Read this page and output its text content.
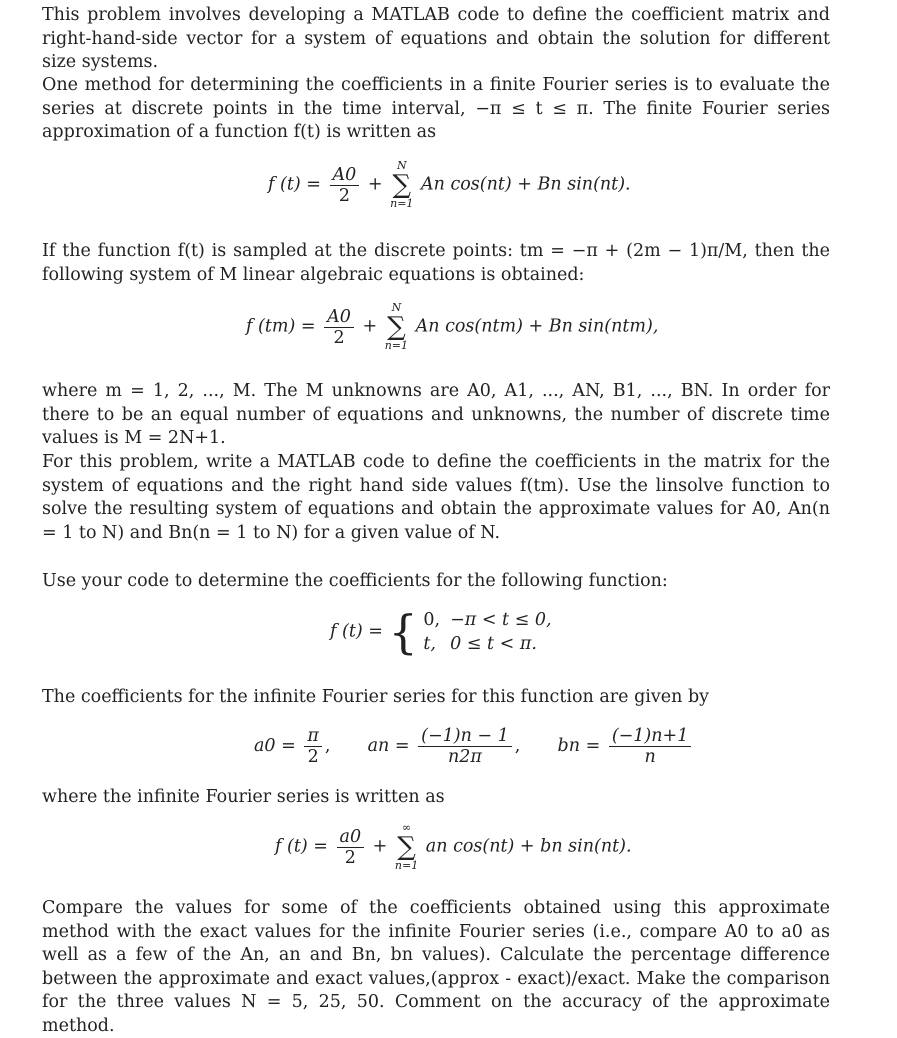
This problem involves developing a MATLAB code to define the coefficient matrix and right-hand-side vector for a system of equations and obtain the solution for different size systems.

One method for determining the coefficients in a finite Fourier series is to evaluate the series at discrete points in the time interval, −π ≤ t ≤ π. The finite Fourier series approximation of a function f(t) is written as

f $(t) = \frac{A0}{2}$ +
N
∑
n=1
An cos(nt) + Bn sin(nt).

If the function f(t) is sampled at the discrete points: tm = −π + (2m − 1)π/M, then the following system of M linear algebraic equations is obtained:

f $(tm) = \frac{A0}{2}$ +
N
∑
n=1
An cos(ntm) + Bn sin(ntm),

where m = 1, 2, ..., M. The M unknowns are A0, A1, ..., AN, B1, ..., BN. In order for there to be an equal number of equations and unknowns, the number of discrete time values is M = 2N+1.

For this problem, write a MATLAB code to define the coefficients in the matrix for the system of equations and the right hand side values f(tm). Use the linsolve function to solve the resulting system of equations and obtain the approximate values for A0, An(n = 1 to N) and Bn(n = 1 to N) for a given value of N.

Use your code to determine the coefficients for the following function:

f (t) = { 0,	−π < t ≤ 0,
t,	0 ≤ t < π.

The coefficients for the infinite Fourier series for this function are given by

$a0 = \frac{\pi}{2}$ , an = $\frac{(-1)n - 1}{n2\pi}$ , bn = $\frac{(-1)n+1}{n}$

where the infinite Fourier series is written as

f $(t) = \frac{a0}{2}$ +
∞
∑
n=1
an cos(nt) + bn sin(nt).

Compare the values for some of the coefficients obtained using this approximate method with the exact values for the infinite Fourier series (i.e., compare A0 to a0 as well as a few of the An, an and Bn, bn values). Calculate the percentage difference between the approximate and exact values,(approx - exact)/exact. Make the comparison for the three values N = 5, 25, 50. Comment on the accuracy of the approximate method.
